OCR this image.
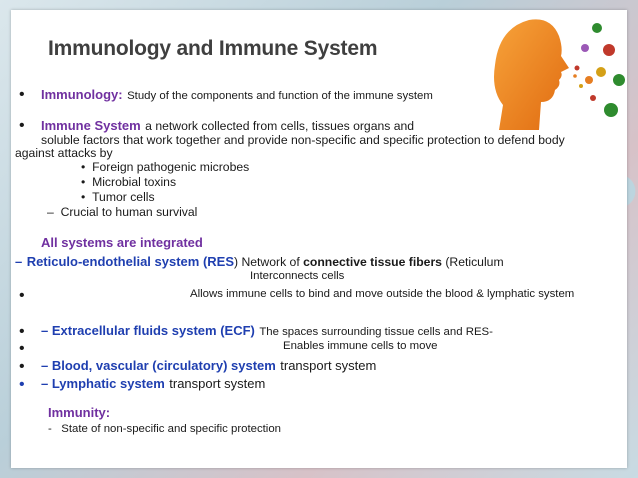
Immunology and Immune System
• Immunology: Study of the components and function of the immune system
• Immune System a network collected from cells, tissues organs and
soluble factors that work together and provide non-specific and specific protection to defend body
against attacks by
• Foreign pathogenic microbes
• Microbial toxins
• Tumor cells
– Crucial to human survival
All systems are integrated
– Reticulo-endothelial system (RES) Network of connective tissue fibers (Reticulum
Interconnects cells
•	Allows immune cells to bind and move outside the blood & lymphatic system
• – Extracellular fluids system (ECF) The spaces surrounding tissue cells and RES-
•	Enables immune cells to move
• – Blood, vascular (circulatory) system transport system
• – Lymphatic system transport system
Immunity:
- State of non-specific and specific protection
